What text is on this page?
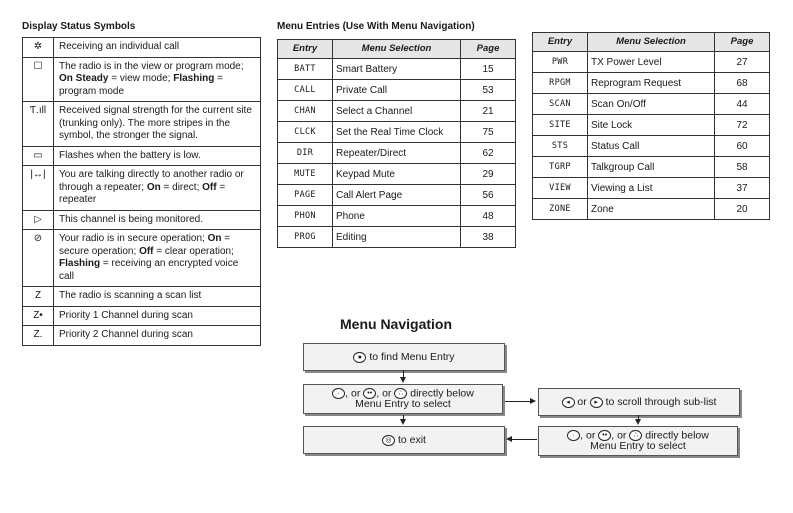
Display Status Symbols
✲	Receiving an individual call
☐	The radio is in the view or program mode; On Steady = view mode; Flashing = program mode
Ƭ.ıll	Received signal strength for the current site (trunking only). The more stripes in the symbol, the stronger the signal.
▭	Flashes when the battery is low.
|↔|	You are talking directly to another radio or through a repeater; On = direct; Off = repeater
▷	This channel is being monitored.
⊘	Your radio is in secure operation; On = secure operation; Off = clear operation; Flashing = receiving an encrypted voice call
Z	The radio is scanning a scan list
Z•	Priority 1 Channel during scan
Z.	Priority 2 Channel during scan
Menu Entries (Use With Menu Navigation)
Entry	Menu Selection	Page
BATT	Smart Battery	15
CALL	Private Call	53
CHAN	Select a Channel	21
CLCK	Set the Real Time Clock	75
DIR	Repeater/Direct	62
MUTE	Keypad Mute	29
PAGE	Call Alert Page	56
PHON	Phone	48
PROG	Editing	38
Entry	Menu Selection	Page
PWR	TX Power Level	27
RPGM	Reprogram Request	68
SCAN	Scan On/Off	44
SITE	Site Lock	72
STS	Status Call	60
TGRP	Talkgroup Call	58
VIEW	Viewing a List	37
ZONE	Zone	20
Menu Navigation
● to find Menu Entry
· , or •• , or ∴ directly below
Menu Entry to select
◎ to exit
◂ or ▸ to scroll through sub-list
· , or •• , or ∴ directly below
Menu Entry to select
